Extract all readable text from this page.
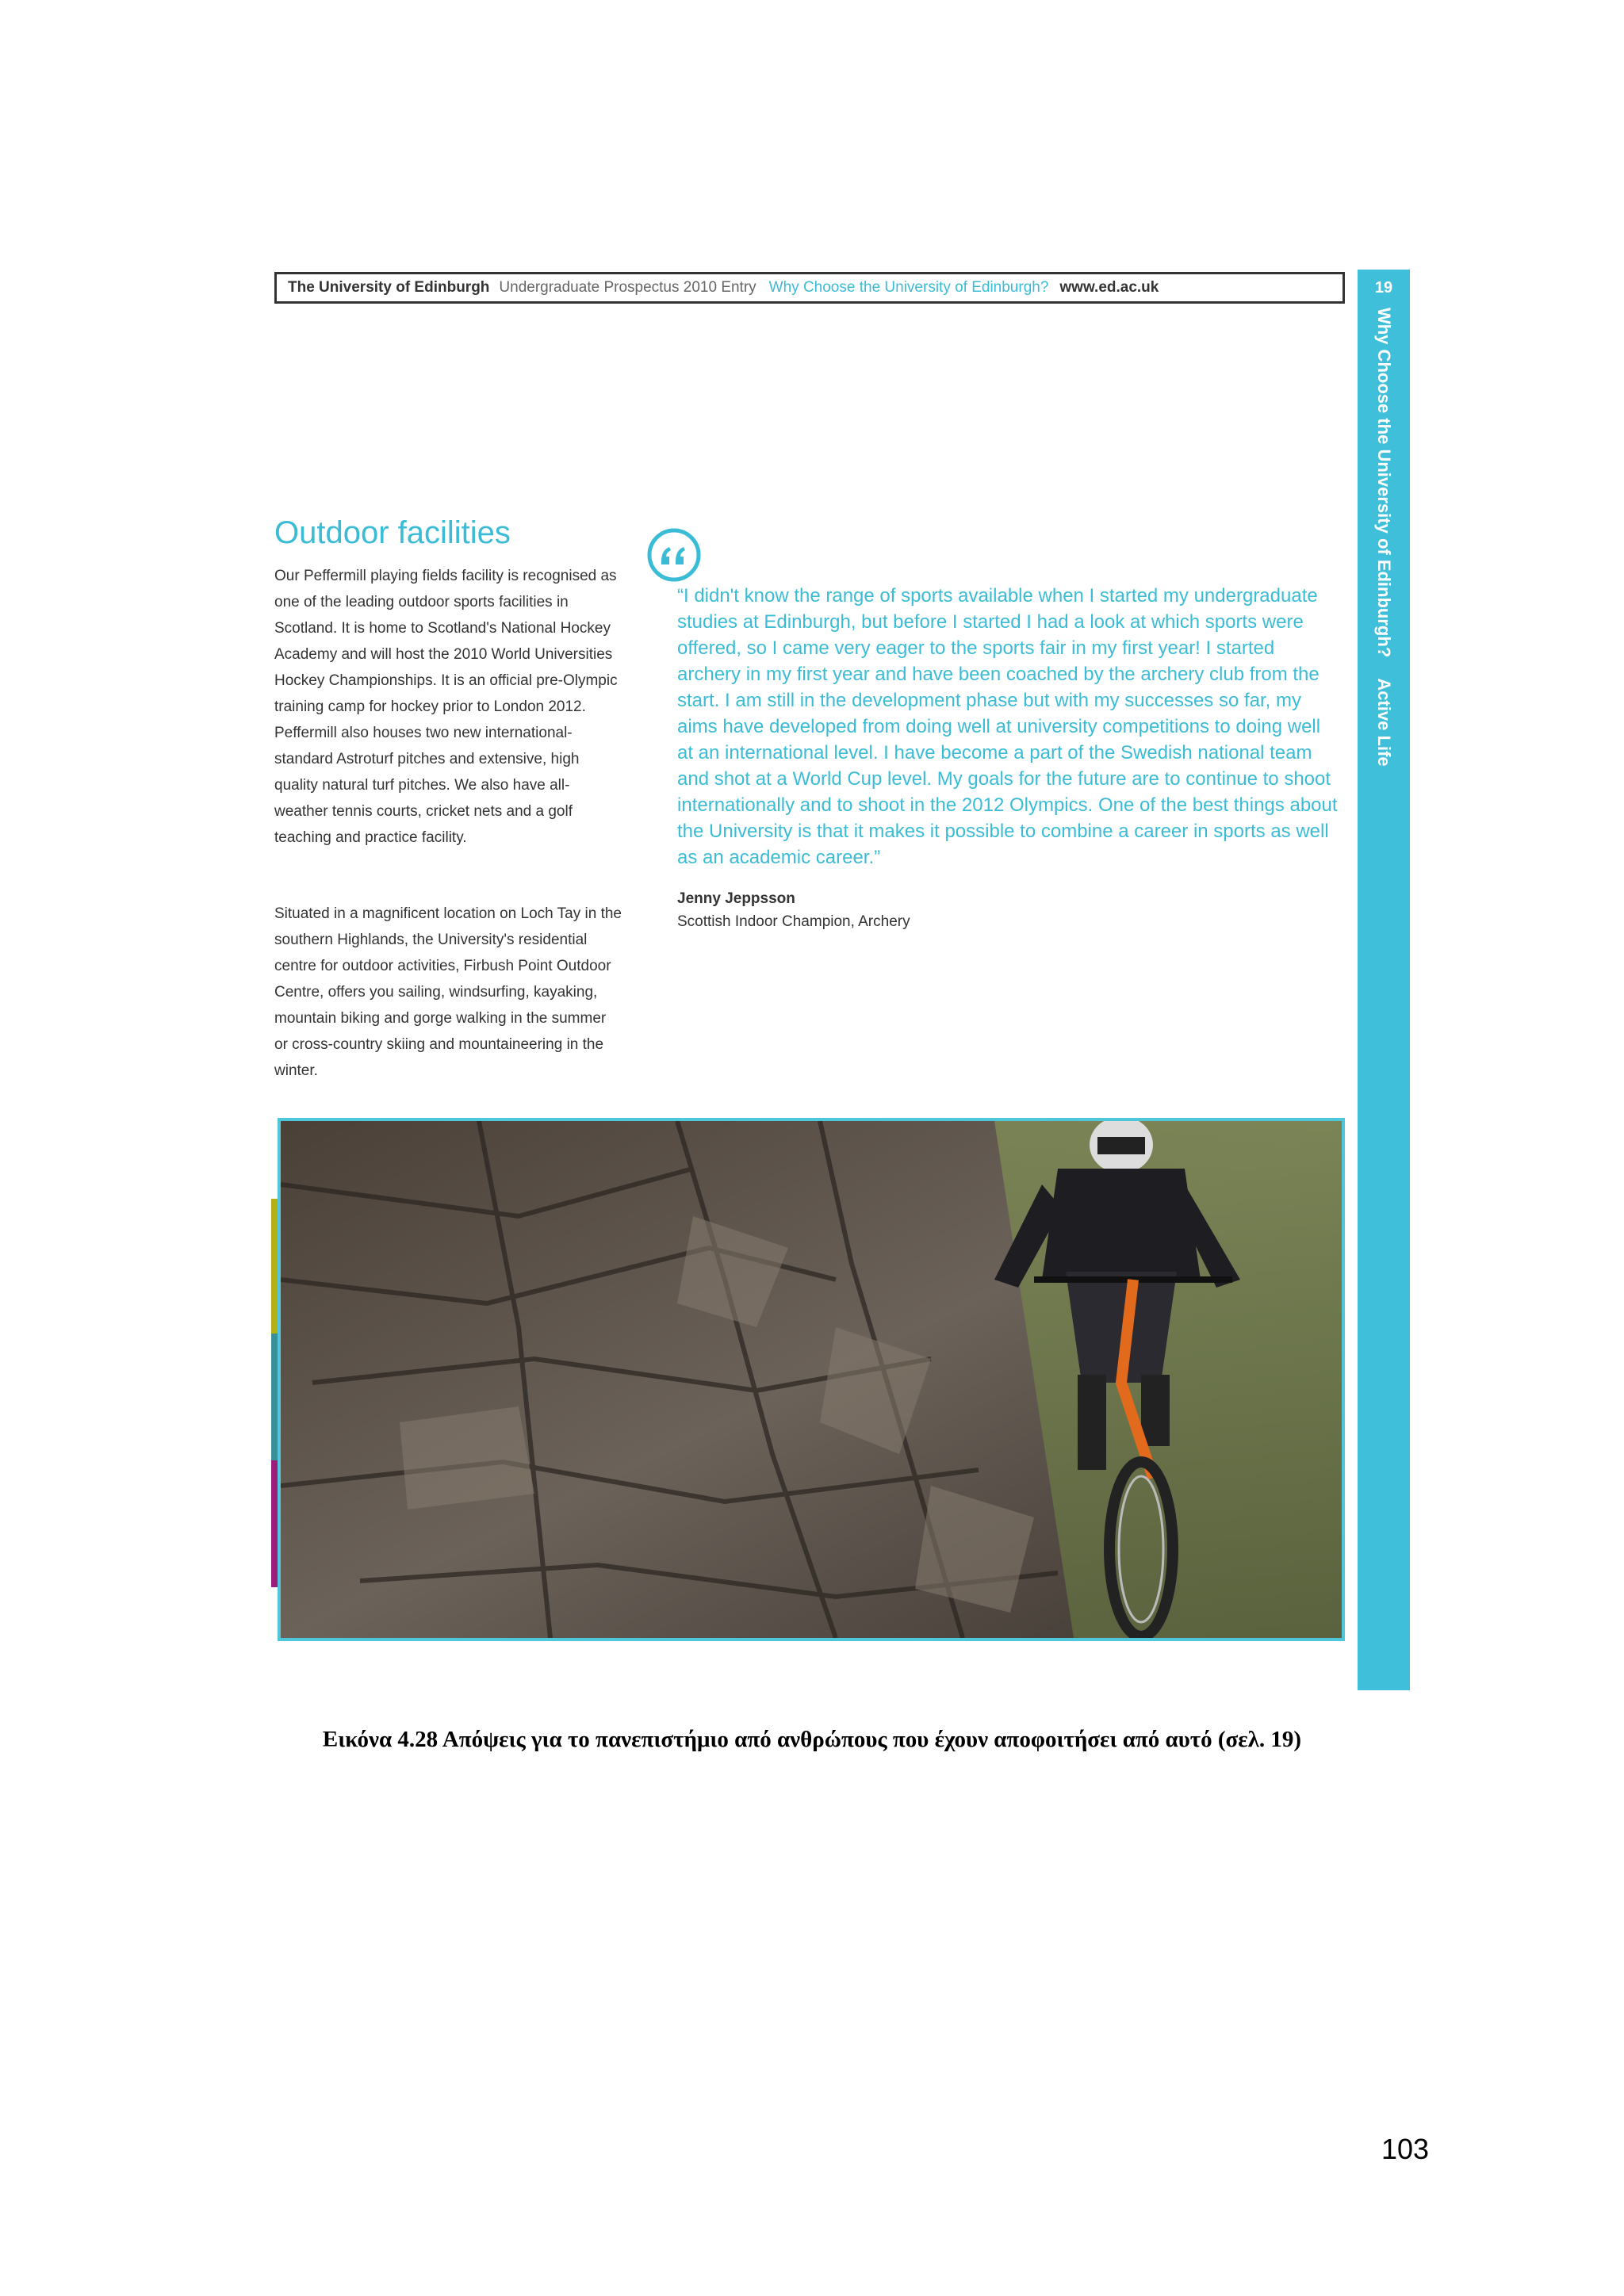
The University of Edinburgh Undergraduate Prospectus 2010 Entry Why Choose the University of Edinburgh? www.ed.ac.uk	19
Why Choose the University of Edinburgh? Active Life
Outdoor facilities

Our Peffermill playing fields facility is recognised as one of the leading outdoor sports facilities in Scotland. It is home to Scotland's National Hockey Academy and will host the 2010 World Universities Hockey Championships. It is an official pre-Olympic training camp for hockey prior to London 2012. Peffermill also houses two new international-standard Astroturf pitches and extensive, high quality natural turf pitches. We also have all-weather tennis courts, cricket nets and a golf teaching and practice facility.

Situated in a magnificent location on Loch Tay in the southern Highlands, the University's residential centre for outdoor activities, Firbush Point Outdoor Centre, offers you sailing, windsurfing, kayaking, mountain biking and gorge walking in the summer or cross-country skiing and mountaineering in the winter.

“I didn't know the range of sports available when I started my undergraduate studies at Edinburgh, but before I started I had a look at which sports were offered, so I came very eager to the sports fair in my first year! I started archery in my first year and have been coached by the archery club from the start. I am still in the development phase but with my successes so far, my aims have developed from doing well at university competitions to doing well at an international level. I have become a part of the Swedish national team and shot at a World Cup level. My goals for the future are to continue to shoot internationally and to shoot in the 2012 Olympics. One of the best things about the University is that it makes it possible to combine a career in sports as well as an academic career.”

Jenny Jeppsson
Scottish Indoor Champion, Archery
Εικόνα 4.28 Απόψεις για το πανεπιστήμιο από ανθρώπους που έχουν αποφοιτήσει από αυτό (σελ. 19)
103
